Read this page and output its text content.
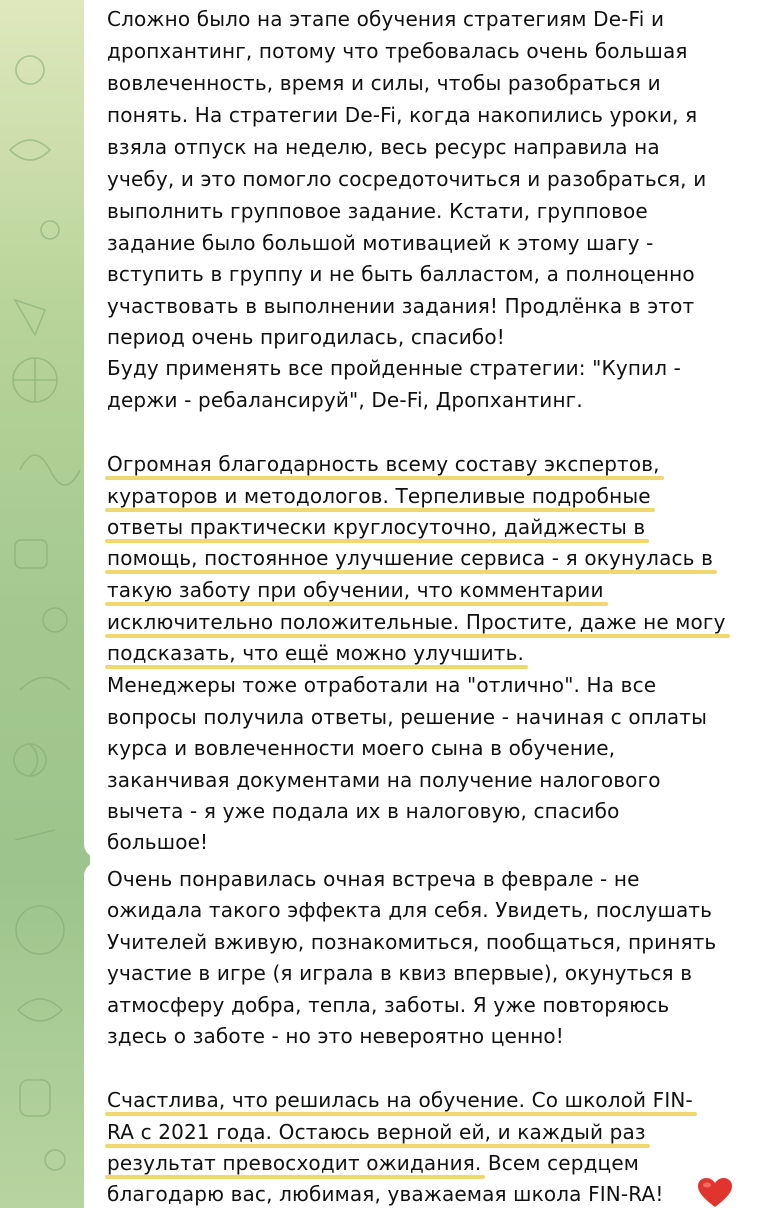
Сложно было на этапе обучения стратегиям De-Fi и
дропхантинг, потому что требовалась очень большая
вовлеченность, время и силы, чтобы разобраться и
понять. На стратегии De-Fi, когда накопились уроки, я
взяла отпуск на неделю, весь ресурс направила на
учебу, и это помогло сосредоточиться и разобраться, и
выполнить групповое задание. Кстати, групповое
задание было большой мотивацией к этому шагу -
вступить в группу и не быть балластом, а полноценно
участвовать в выполнении задания! Продлёнка в этот
период очень пригодилась, спасибо!
Буду применять все пройденные стратегии: "Купил -
держи - ребалансируй", De-Fi, Дропхантинг.
Огромная благодарность всему составу экспертов,
кураторов и методологов. Терпеливые подробные
ответы практически круглосуточно, дайджесты в
помощь, постоянное улучшение сервиса - я окунулась в
такую заботу при обучении, что комментарии
исключительно положительные. Простите, даже не могу
подсказать, что ещё можно улучшить.
Менеджеры тоже отработали на "отлично". На все
вопросы получила ответы, решение - начиная с оплаты
курса и вовлеченности моего сына в обучение,
заканчивая документами на получение налогового
вычета - я уже подала их в налоговую, спасибо
большое!
Очень понравилась очная встреча в феврале - не
ожидала такого эффекта для себя. Увидеть, послушать
Учителей вживую, познакомиться, пообщаться, принять
участие в игре (я играла в квиз впервые), окунуться в
атмосферу добра, тепла, заботы. Я уже повторяюсь
здесь о заботе - но это невероятно ценно!
Счастлива, что решилась на обучение. Со школой FIN-
RA с 2021 года. Остаюсь верной ей, и каждый раз
результат превосходит ожидания. Всем сердцем
благодарю вас, любимая, уважаемая школа FIN-RA!
